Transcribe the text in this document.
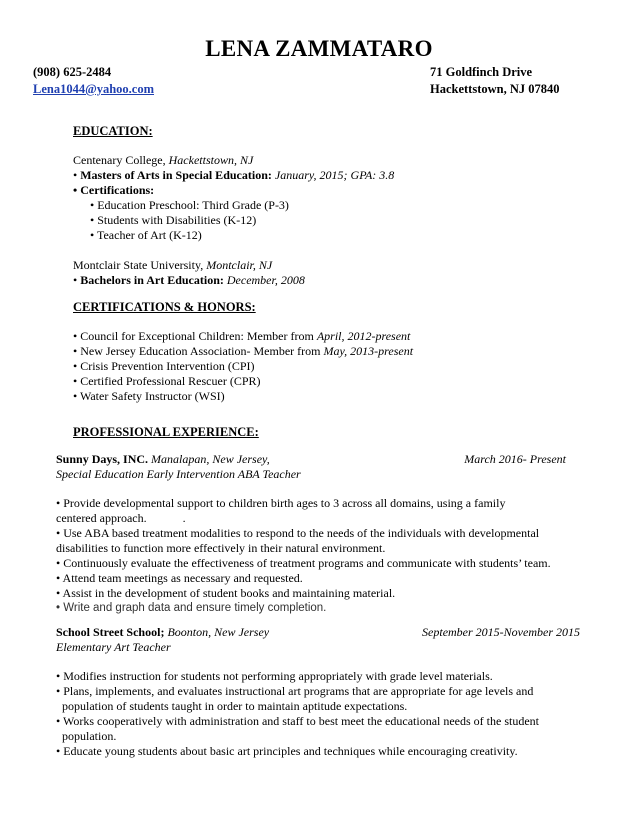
LENA ZAMMATARO
(908) 625-2484
Lena1044@yahoo.com
71 Goldfinch Drive
Hackettstown, NJ 07840
EDUCATION:
Centenary College, Hackettstown, NJ
• Masters of Arts in Special Education: January, 2015; GPA: 3.8
• Certifications:
• Education Preschool: Third Grade (P-3)
• Students with Disabilities (K-12)
• Teacher of Art (K-12)
Montclair State University, Montclair, NJ
• Bachelors in Art Education: December, 2008
CERTIFICATIONS & HONORS:
• Council for Exceptional Children: Member from April, 2012-present
• New Jersey Education Association- Member from May, 2013-present
• Crisis Prevention Intervention (CPI)
• Certified Professional Rescuer (CPR)
• Water Safety Instructor (WSI)
PROFESSIONAL EXPERIENCE:
Sunny Days, INC. Manalapan, New Jersey,	March 2016- Present
Special Education Early Intervention ABA Teacher
• Provide developmental support to children birth ages to 3 across all domains, using a family
centered approach.            .
• Use ABA based treatment modalities to respond to the needs of the individuals with developmental
disabilities to function more effectively in their natural environment.
• Continuously evaluate the effectiveness of treatment programs and communicate with students’ team.
• Attend team meetings as necessary and requested.
• Assist in the development of student books and maintaining material.
• Write and graph data and ensure timely completion.
School Street School; Boonton, New Jersey	September 2015-November 2015
Elementary Art Teacher
• Modifies instruction for students not performing appropriately with grade level materials.
• Plans, implements, and evaluates instructional art programs that are appropriate for age levels and
population of students taught in order to maintain aptitude expectations.
• Works cooperatively with administration and staff to best meet the educational needs of the student
population.
• Educate young students about basic art principles and techniques while encouraging creativity.
